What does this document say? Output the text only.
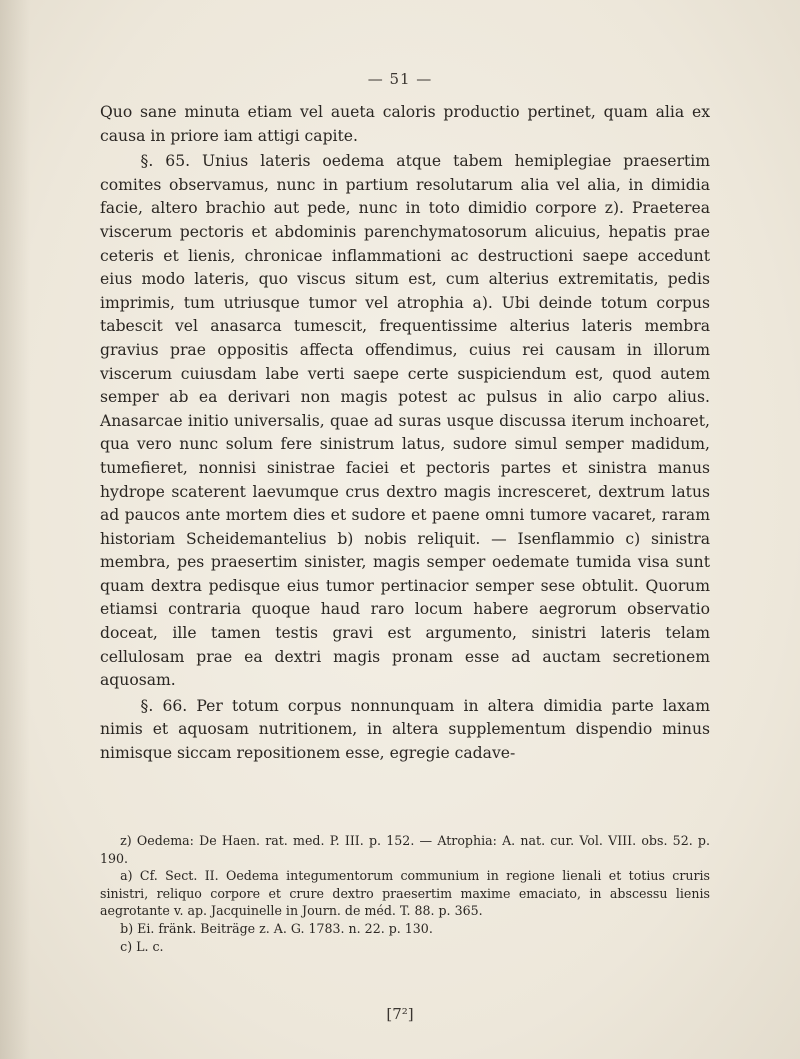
— 51 —

Quo sane minuta etiam vel aueta caloris productio pertinet, quam alia ex causa in priore iam attigi capite.

§. 65. Unius lateris oedema atque tabem hemiplegiae praesertim comites observamus, nunc in partium resolutarum alia vel alia, in dimidia facie, altero brachio aut pede, nunc in toto dimidio corpore z). Praeterea viscerum pectoris et abdominis parenchymatosorum alicuius, hepatis prae ceteris et lienis, chronicae inflammationi ac destructioni saepe accedunt eius modo lateris, quo viscus situm est, cum alterius extremitatis, pedis imprimis, tum utriusque tumor vel atrophia a). Ubi deinde totum corpus tabescit vel anasarca tumescit, frequentissime alterius lateris membra gravius prae oppositis affecta offendimus, cuius rei causam in illorum viscerum cuiusdam labe verti saepe certe suspiciendum est, quod autem semper ab ea derivari non magis potest ac pulsus in alio carpo alius. Anasarcae initio universalis, quae ad suras usque discussa iterum inchoaret, qua vero nunc solum fere sinistrum latus, sudore simul semper madidum, tumefieret, nonnisi sinistrae faciei et pectoris partes et sinistra manus hydrope scaterent laevumque crus dextro magis incresceret, dextrum latus ad paucos ante mortem dies et sudore et paene omni tumore vacaret, raram historiam Scheidemantelius b) nobis reliquit. — Isenflammio c) sinistra membra, pes praesertim sinister, magis semper oedemate tumida visa sunt quam dextra pedisque eius tumor pertinacior semper sese obtulit. Quorum etiamsi contraria quoque haud raro locum habere aegrorum observatio doceat, ille tamen testis gravi est argumento, sinistri lateris telam cellulosam prae ea dextri magis pronam esse ad auctam secretionem aquosam.

§. 66. Per totum corpus nonnunquam in altera dimidia parte laxam nimis et aquosam nutritionem, in altera supplementum dispendio minus nimisque siccam repositionem esse, egregie cadave-

z) Oedema: De Haen. rat. med. P. III. p. 152. — Atrophia: A. nat. cur. Vol. VIII. obs. 52. p. 190.

a) Cf. Sect. II. Oedema integumentorum communium in regione lienali et totius cruris sinistri, reliquo corpore et crure dextro praesertim maxime emaciato, in abscessu lienis aegrotante v. ap. Jacquinelle in Journ. de méd. T. 88. p. 365.

b) Ei. fränk. Beiträge z. A. G. 1783. n. 22. p. 130.

c) L. c.

[7²]
